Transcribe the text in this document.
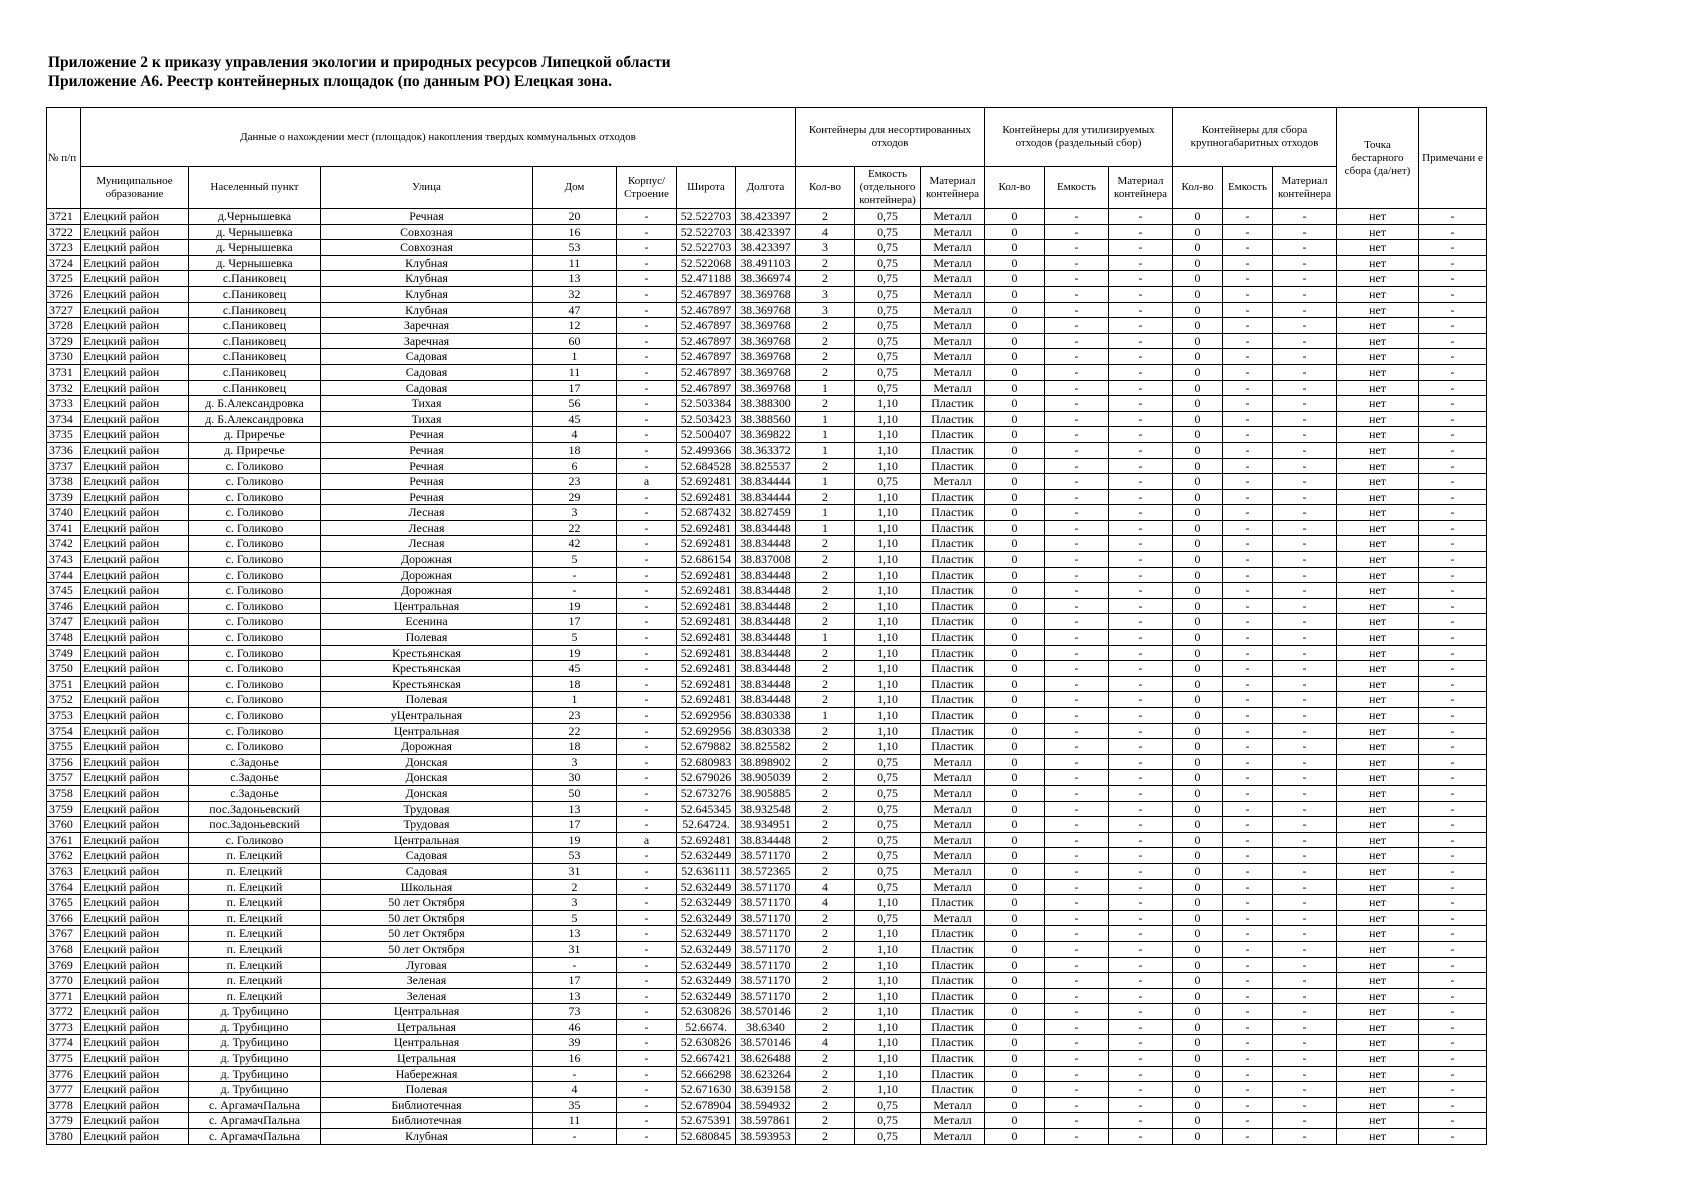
Приложение 2 к приказу управления экологии и природных ресурсов Липецкой области
Приложение А6. Реестр контейнерных площадок (по данным РО) Елецкая зона.
№ п/п	Данные о нахождении мест (площадок) накопления твердых коммунальных отходов							Контейнеры для несортированных отходов			Контейнеры для утилизируемых отходов (раздельный сбор)			Контейнеры для сбора крупногабаритных отходов			Точка бестарного сбора (да/нет)	Примечани е
	Муниципальное образование	Населенный пункт	Улица	Дом	Корпус/ Строение	Широта	Долгота	Кол-во	Емкость (отдельного контейнера)	Материал контейнера	Кол-во	Емкость	Материал контейнера	Кол-во	Емкость	Материал контейнера		
3721	Елецкий район	д.Чернышевка	Речная	20	-	52.522703	38.423397	2	0,75	Металл	0	-	-	0	-	-	нет	-
3722	Елецкий район	д. Чернышевка	Совхозная	16	-	52.522703	38.423397	4	0,75	Металл	0	-	-	0	-	-	нет	-
3723	Елецкий район	д. Чернышевка	Совхозная	53	-	52.522703	38.423397	3	0,75	Металл	0	-	-	0	-	-	нет	-
3724	Елецкий район	д. Чернышевка	Клубная	11	-	52.522068	38.491103	2	0,75	Металл	0	-	-	0	-	-	нет	-
3725	Елецкий район	с.Паниковец	Клубная	13	-	52.471188	38.366974	2	0,75	Металл	0	-	-	0	-	-	нет	-
3726	Елецкий район	с.Паниковец	Клубная	32	-	52.467897	38.369768	3	0,75	Металл	0	-	-	0	-	-	нет	-
3727	Елецкий район	с.Паниковец	Клубная	47	-	52.467897	38.369768	3	0,75	Металл	0	-	-	0	-	-	нет	-
3728	Елецкий район	с.Паниковец	Заречная	12	-	52.467897	38.369768	2	0,75	Металл	0	-	-	0	-	-	нет	-
3729	Елецкий район	с.Паниковец	Заречная	60	-	52.467897	38.369768	2	0,75	Металл	0	-	-	0	-	-	нет	-
3730	Елецкий район	с.Паниковец	Садовая	1	-	52.467897	38.369768	2	0,75	Металл	0	-	-	0	-	-	нет	-
3731	Елецкий район	с.Паниковец	Садовая	11	-	52.467897	38.369768	2	0,75	Металл	0	-	-	0	-	-	нет	-
3732	Елецкий район	с.Паниковец	Садовая	17	-	52.467897	38.369768	1	0,75	Металл	0	-	-	0	-	-	нет	-
3733	Елецкий район	д. Б.Александровка	Тихая	56	-	52.503384	38.388300	2	1,10	Пластик	0	-	-	0	-	-	нет	-
3734	Елецкий район	д. Б.Александровка	Тихая	45	-	52.503423	38.388560	1	1,10	Пластик	0	-	-	0	-	-	нет	-
3735	Елецкий район	д. Приречье	Речная	4	-	52.500407	38.369822	1	1,10	Пластик	0	-	-	0	-	-	нет	-
3736	Елецкий район	д. Приречье	Речная	18	-	52.499366	38.363372	1	1,10	Пластик	0	-	-	0	-	-	нет	-
3737	Елецкий район	с. Голиково	Речная	6	-	52.684528	38.825537	2	1,10	Пластик	0	-	-	0	-	-	нет	-
3738	Елецкий район	с. Голиково	Речная	23	а	52.692481	38.834444	1	0,75	Металл	0	-	-	0	-	-	нет	-
3739	Елецкий район	с. Голиково	Речная	29	-	52.692481	38.834444	2	1,10	Пластик	0	-	-	0	-	-	нет	-
3740	Елецкий район	с. Голиково	Лесная	3	-	52.687432	38.827459	1	1,10	Пластик	0	-	-	0	-	-	нет	-
3741	Елецкий район	с. Голиково	Лесная	22	-	52.692481	38.834448	1	1,10	Пластик	0	-	-	0	-	-	нет	-
3742	Елецкий район	с. Голиково	Лесная	42	-	52.692481	38.834448	2	1,10	Пластик	0	-	-	0	-	-	нет	-
3743	Елецкий район	с. Голиково	Дорожная	5	-	52.686154	38.837008	2	1,10	Пластик	0	-	-	0	-	-	нет	-
3744	Елецкий район	с. Голиково	Дорожная	-	-	52.692481	38.834448	2	1,10	Пластик	0	-	-	0	-	-	нет	-
3745	Елецкий район	с. Голиково	Дорожная	-	-	52.692481	38.834448	2	1,10	Пластик	0	-	-	0	-	-	нет	-
3746	Елецкий район	с. Голиково	Центральная	19	-	52.692481	38.834448	2	1,10	Пластик	0	-	-	0	-	-	нет	-
3747	Елецкий район	с. Голиково	Есенина	17	-	52.692481	38.834448	2	1,10	Пластик	0	-	-	0	-	-	нет	-
3748	Елецкий район	с. Голиково	Полевая	5	-	52.692481	38.834448	1	1,10	Пластик	0	-	-	0	-	-	нет	-
3749	Елецкий район	с. Голиково	Крестьянская	19	-	52.692481	38.834448	2	1,10	Пластик	0	-	-	0	-	-	нет	-
3750	Елецкий район	с. Голиково	Крестьянская	45	-	52.692481	38.834448	2	1,10	Пластик	0	-	-	0	-	-	нет	-
3751	Елецкий район	с. Голиково	Крестьянская	18	-	52.692481	38.834448	2	1,10	Пластик	0	-	-	0	-	-	нет	-
3752	Елецкий район	с. Голиково	Полевая	1	-	52.692481	38.834448	2	1,10	Пластик	0	-	-	0	-	-	нет	-
3753	Елецкий район	с. Голиково	уЦентральная	23	-	52.692956	38.830338	1	1,10	Пластик	0	-	-	0	-	-	нет	-
3754	Елецкий район	с. Голиково	Центральная	22	-	52.692956	38.830338	2	1,10	Пластик	0	-	-	0	-	-	нет	-
3755	Елецкий район	с. Голиково	Дорожная	18	-	52.679882	38.825582	2	1,10	Пластик	0	-	-	0	-	-	нет	-
3756	Елецкий район	с.Задонье	Донская	3	-	52.680983	38.898902	2	0,75	Металл	0	-	-	0	-	-	нет	-
3757	Елецкий район	с.Задонье	Донская	30	-	52.679026	38.905039	2	0,75	Металл	0	-	-	0	-	-	нет	-
3758	Елецкий район	с.Задонье	Донская	50	-	52.673276	38.905885	2	0,75	Металл	0	-	-	0	-	-	нет	-
3759	Елецкий район	пос.Задоньевский	Трудовая	13	-	52.645345	38.932548	2	0,75	Металл	0	-	-	0	-	-	нет	-
3760	Елецкий район	пос.Задоньевский	Трудовая	17	-	52.64724.	38.934951	2	0,75	Металл	0	-	-	0	-	-	нет	-
3761	Елецкий район	с. Голиково	Центральная	19	а	52.692481	38.834448	2	0,75	Металл	0	-	-	0	-	-	нет	-
3762	Елецкий район	п. Елецкий	Садовая	53	-	52.632449	38.571170	2	0,75	Металл	0	-	-	0	-	-	нет	-
3763	Елецкий район	п. Елецкий	Садовая	31	-	52.636111	38.572365	2	0,75	Металл	0	-	-	0	-	-	нет	-
3764	Елецкий район	п. Елецкий	Школьная	2	-	52.632449	38.571170	4	0,75	Металл	0	-	-	0	-	-	нет	-
3765	Елецкий район	п. Елецкий	50 лет Октября	3	-	52.632449	38.571170	4	1,10	Пластик	0	-	-	0	-	-	нет	-
3766	Елецкий район	п. Елецкий	50 лет Октября	5	-	52.632449	38.571170	2	0,75	Металл	0	-	-	0	-	-	нет	-
3767	Елецкий район	п. Елецкий	50 лет Октября	13	-	52.632449	38.571170	2	1,10	Пластик	0	-	-	0	-	-	нет	-
3768	Елецкий район	п. Елецкий	50 лет Октября	31	-	52.632449	38.571170	2	1,10	Пластик	0	-	-	0	-	-	нет	-
3769	Елецкий район	п. Елецкий	Луговая	-	-	52.632449	38.571170	2	1,10	Пластик	0	-	-	0	-	-	нет	-
3770	Елецкий район	п. Елецкий	Зеленая	17	-	52.632449	38.571170	2	1,10	Пластик	0	-	-	0	-	-	нет	-
3771	Елецкий район	п. Елецкий	Зеленая	13	-	52.632449	38.571170	2	1,10	Пластик	0	-	-	0	-	-	нет	-
3772	Елецкий район	д. Трубицино	Центральная	73	-	52.630826	38.570146	2	1,10	Пластик	0	-	-	0	-	-	нет	-
3773	Елецкий район	д. Трубицино	Цетральная	46	-	52.6674.	38.6340	2	1,10	Пластик	0	-	-	0	-	-	нет	-
3774	Елецкий район	д. Трубицино	Центральная	39	-	52.630826	38.570146	4	1,10	Пластик	0	-	-	0	-	-	нет	-
3775	Елецкий район	д. Трубицино	Цетральная	16	-	52.667421	38.626488	2	1,10	Пластик	0	-	-	0	-	-	нет	-
3776	Елецкий район	д. Трубицино	Набережная	-	-	52.666298	38.623264	2	1,10	Пластик	0	-	-	0	-	-	нет	-
3777	Елецкий район	д. Трубицино	Полевая	4	-	52.671630	38.639158	2	1,10	Пластик	0	-	-	0	-	-	нет	-
3778	Елецкий район	с. АргамачПальна	Библиотечная	35	-	52.678904	38.594932	2	0,75	Металл	0	-	-	0	-	-	нет	-
3779	Елецкий район	с. АргамачПальна	Библиотечная	11	-	52.675391	38.597861	2	0,75	Металл	0	-	-	0	-	-	нет	-
3780	Елецкий район	с. АргамачПальна	Клубная	-	-	52.680845	38.593953	2	0,75	Металл	0	-	-	0	-	-	нет	-
